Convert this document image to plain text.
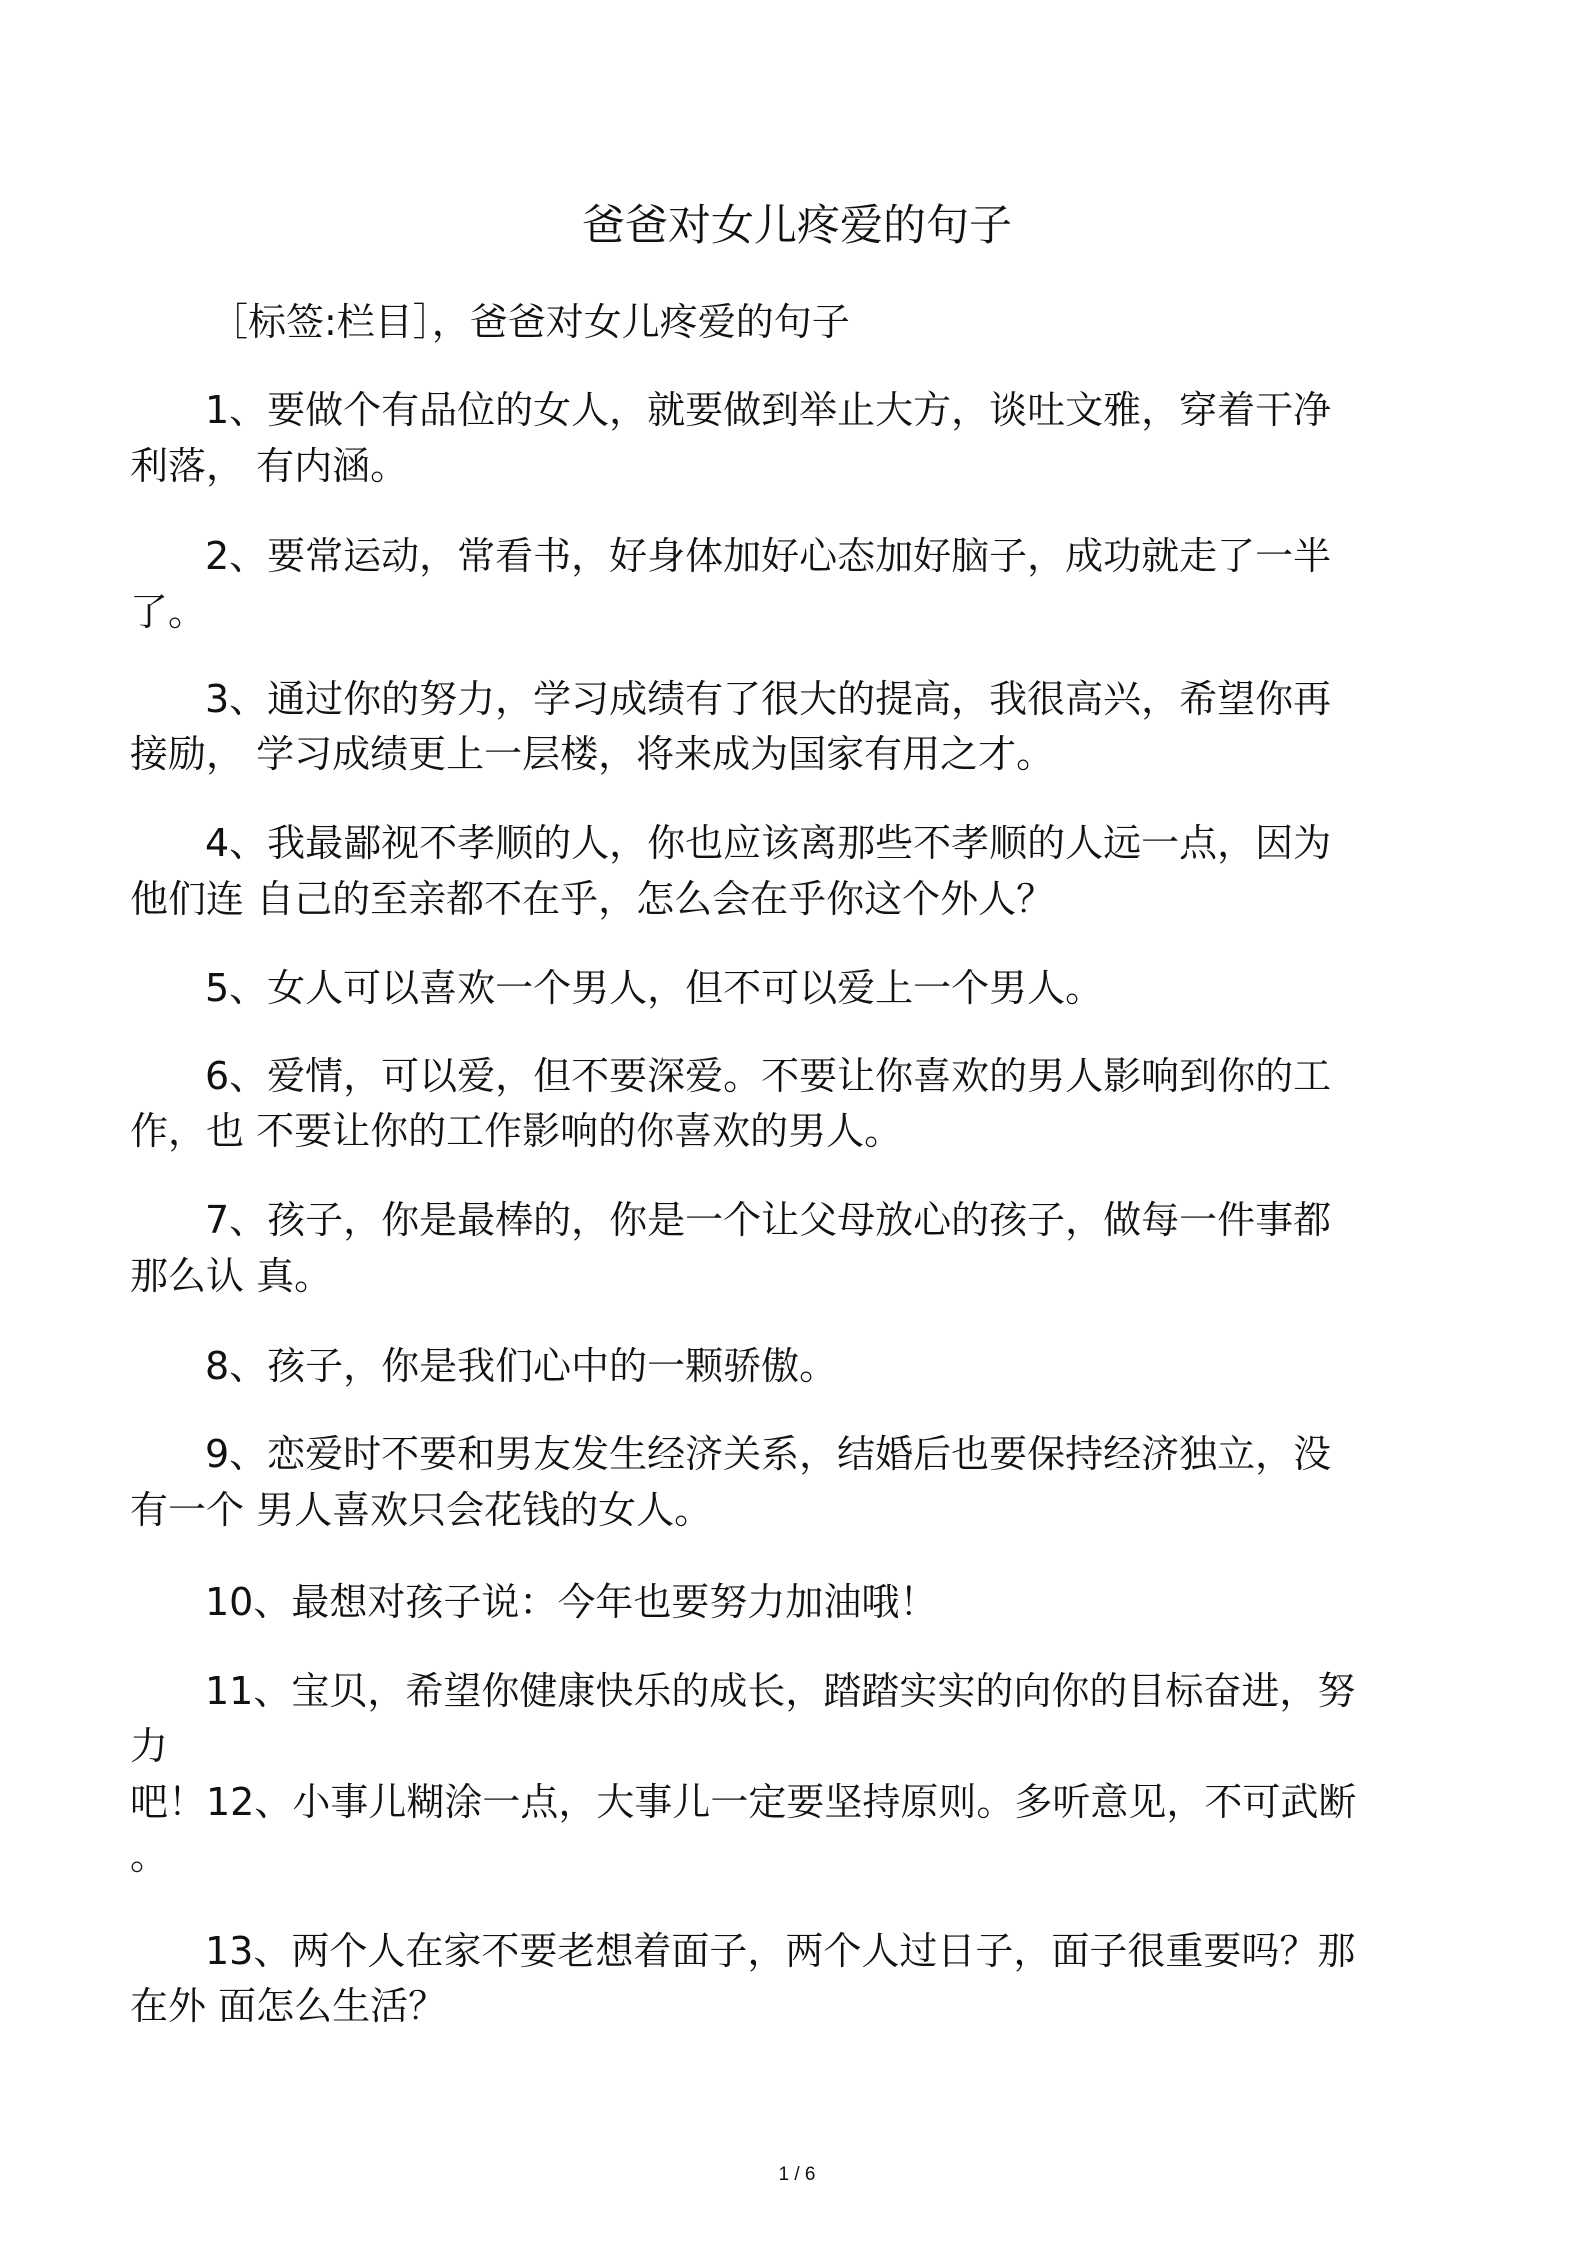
爸爸对女儿疼爱的句子
［标签:栏目］，爸爸对女儿疼爱的句子
1、要做个有品位的女人，就要做到举止大方，谈吐文雅，穿着干净
利落， 有内涵。
2、要常运动，常看书，好身体加好心态加好脑子，成功就走了一半
了。
3、通过你的努力，学习成绩有了很大的提高，我很高兴，希望你再
接励， 学习成绩更上一层楼，将来成为国家有用之才。
4、我最鄙视不孝顺的人，你也应该离那些不孝顺的人远一点，因为
他们连 自己的至亲都不在乎，怎么会在乎你这个外人？
5、女人可以喜欢一个男人，但不可以爱上一个男人。
6、爱情，可以爱，但不要深爱。不要让你喜欢的男人影响到你的工
作，也 不要让你的工作影响的你喜欢的男人。
7、孩子，你是最棒的，你是一个让父母放心的孩子，做每一件事都
那么认 真。
8、孩子，你是我们心中的一颗骄傲。
9、恋爱时不要和男友发生经济关系，结婚后也要保持经济独立，没
有一个 男人喜欢只会花钱的女人。
10、最想对孩子说：今年也要努力加油哦！
11、宝贝，希望你健康快乐的成长，踏踏实实的向你的目标奋进，努
力
吧！12、小事儿糊涂一点，大事儿一定要坚持原则。多听意见，不可武断
。
13、两个人在家不要老想着面子，两个人过日子，面子很重要吗？那
在外 面怎么生活？
1 / 6
